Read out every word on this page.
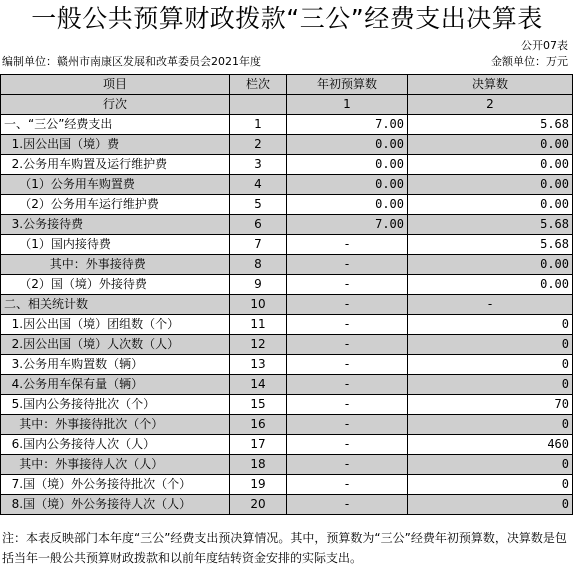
一般公共预算财政拨款“三公”经费支出决算表
公开07表
编制单位：赣州市南康区发展和改革委员会2021年度	金额单位：万元
项目	栏次	年初预算数	决算数
行次		1	2
一、“三公”经费支出	1	7.00	5.68
1.因公出国（境）费	2	0.00	0.00
2.公务用车购置及运行维护费	3	0.00	0.00
（1）公务用车购置费	4	0.00	0.00
（2）公务用车运行维护费	5	0.00	0.00
3.公务接待费	6	7.00	5.68
（1）国内接待费	7	-	5.68
其中：外事接待费	8	-	0.00
（2）国（境）外接待费	9	-	0.00
二、相关统计数	10	-	-
1.因公出国（境）团组数（个）	11	-	0
2.因公出国（境）人次数（人）	12	-	0
3.公务用车购置数（辆）	13	-	0
4.公务用车保有量（辆）	14	-	0
5.国内公务接待批次（个）	15	-	70
其中：外事接待批次（个）	16	-	0
6.国内公务接待人次（人）	17	-	460
其中：外事接待人次（人）	18	-	0
7.国（境）外公务接待批次（个）	19	-	0
8.国（境）外公务接待人次（人）	20	-	0
注：本表反映部门本年度“三公”经费支出预决算情况。其中，预算数为“三公”经费年初预算数，决算数是包括当年一般公共预算财政拨款和以前年度结转资金安排的实际支出。
